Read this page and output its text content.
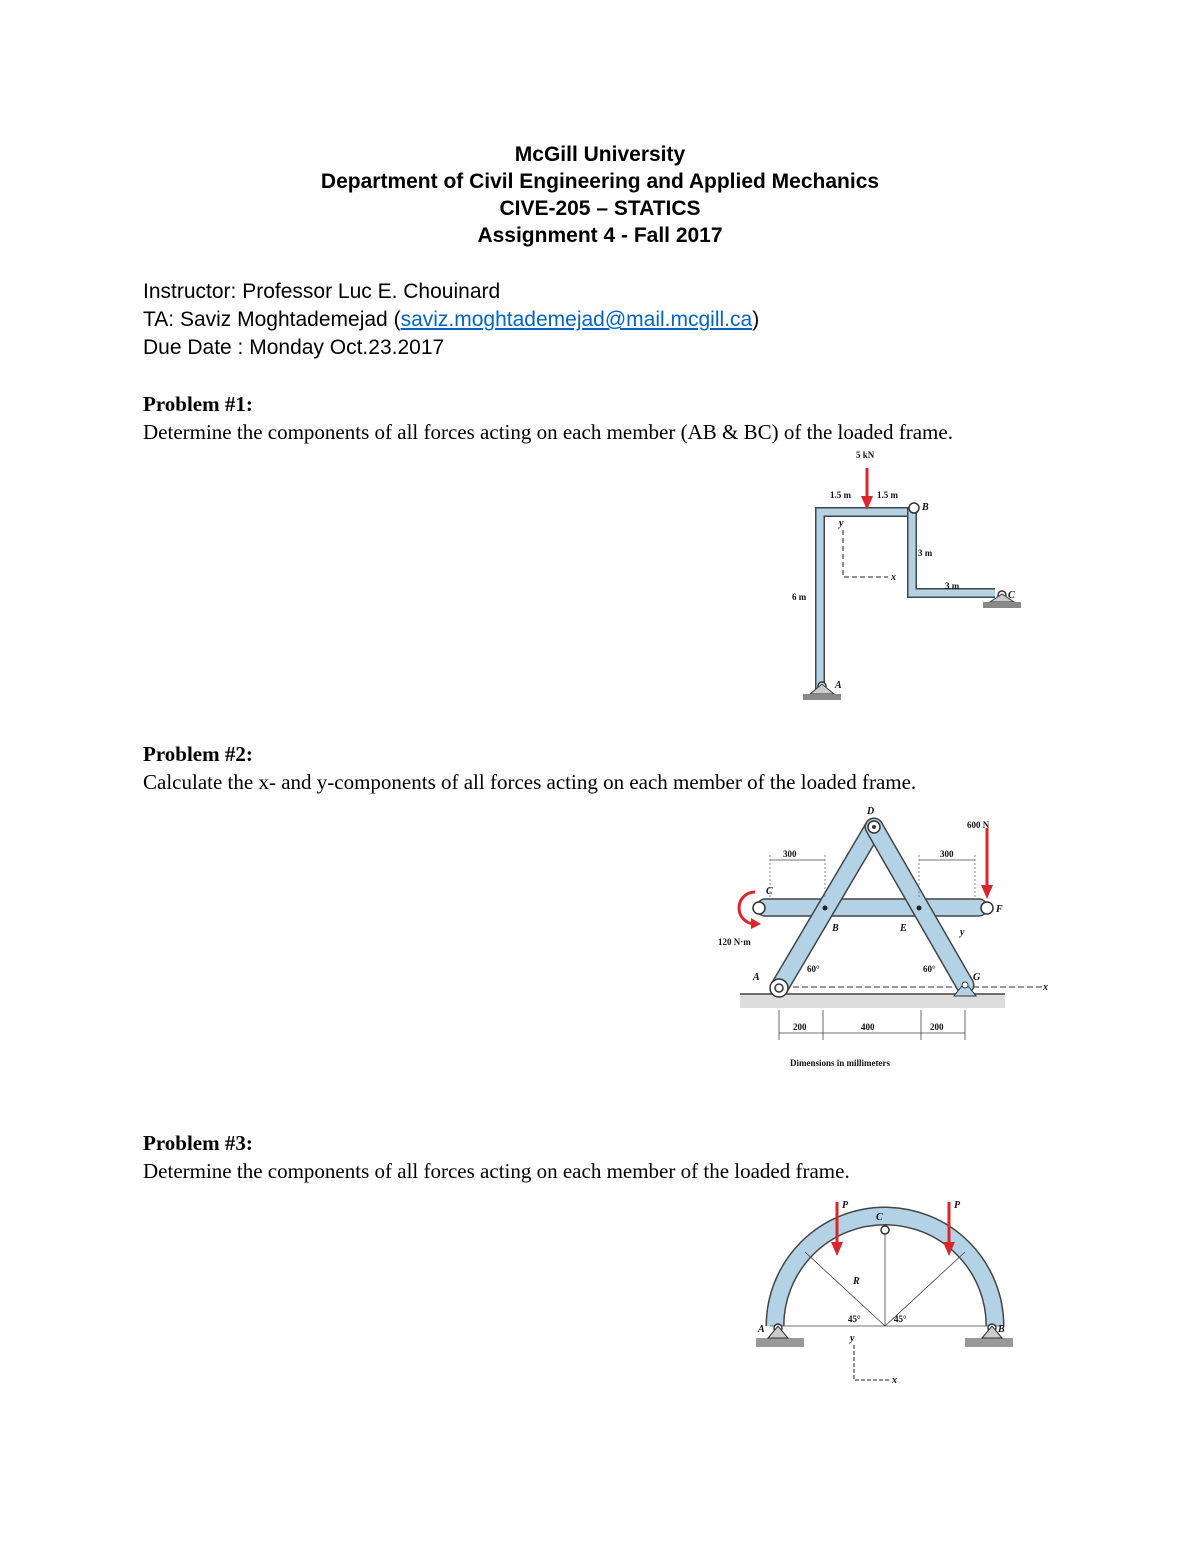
McGill University
Department of Civil Engineering and Applied Mechanics
CIVE-205 – STATICS
Assignment 4 - Fall 2017
Instructor: Professor Luc E. Chouinard
TA: Saviz Moghtademejad (saviz.moghtademejad@mail.mcgill.ca)
Due Date : Monday Oct.23.2017
Problem #1:
Determine the components of all forces acting on each member (AB & BC) of the loaded frame.
5 kN
1.5 m	1.5 m
3 m
3 m
6 m
B
C
A
y
x
Problem #2:
Calculate the x- and y-components of all forces acting on each member of the loaded frame.
x
D
C
F
B	E
A	G
y
60°	60°
120 N·m
600 N
300	300
200	400	200
Dimensions in millimeters
Problem #3:
Determine the components of all forces acting on each member of the loaded frame.
P	P
C
A	B
R
45°	45°
y
x
